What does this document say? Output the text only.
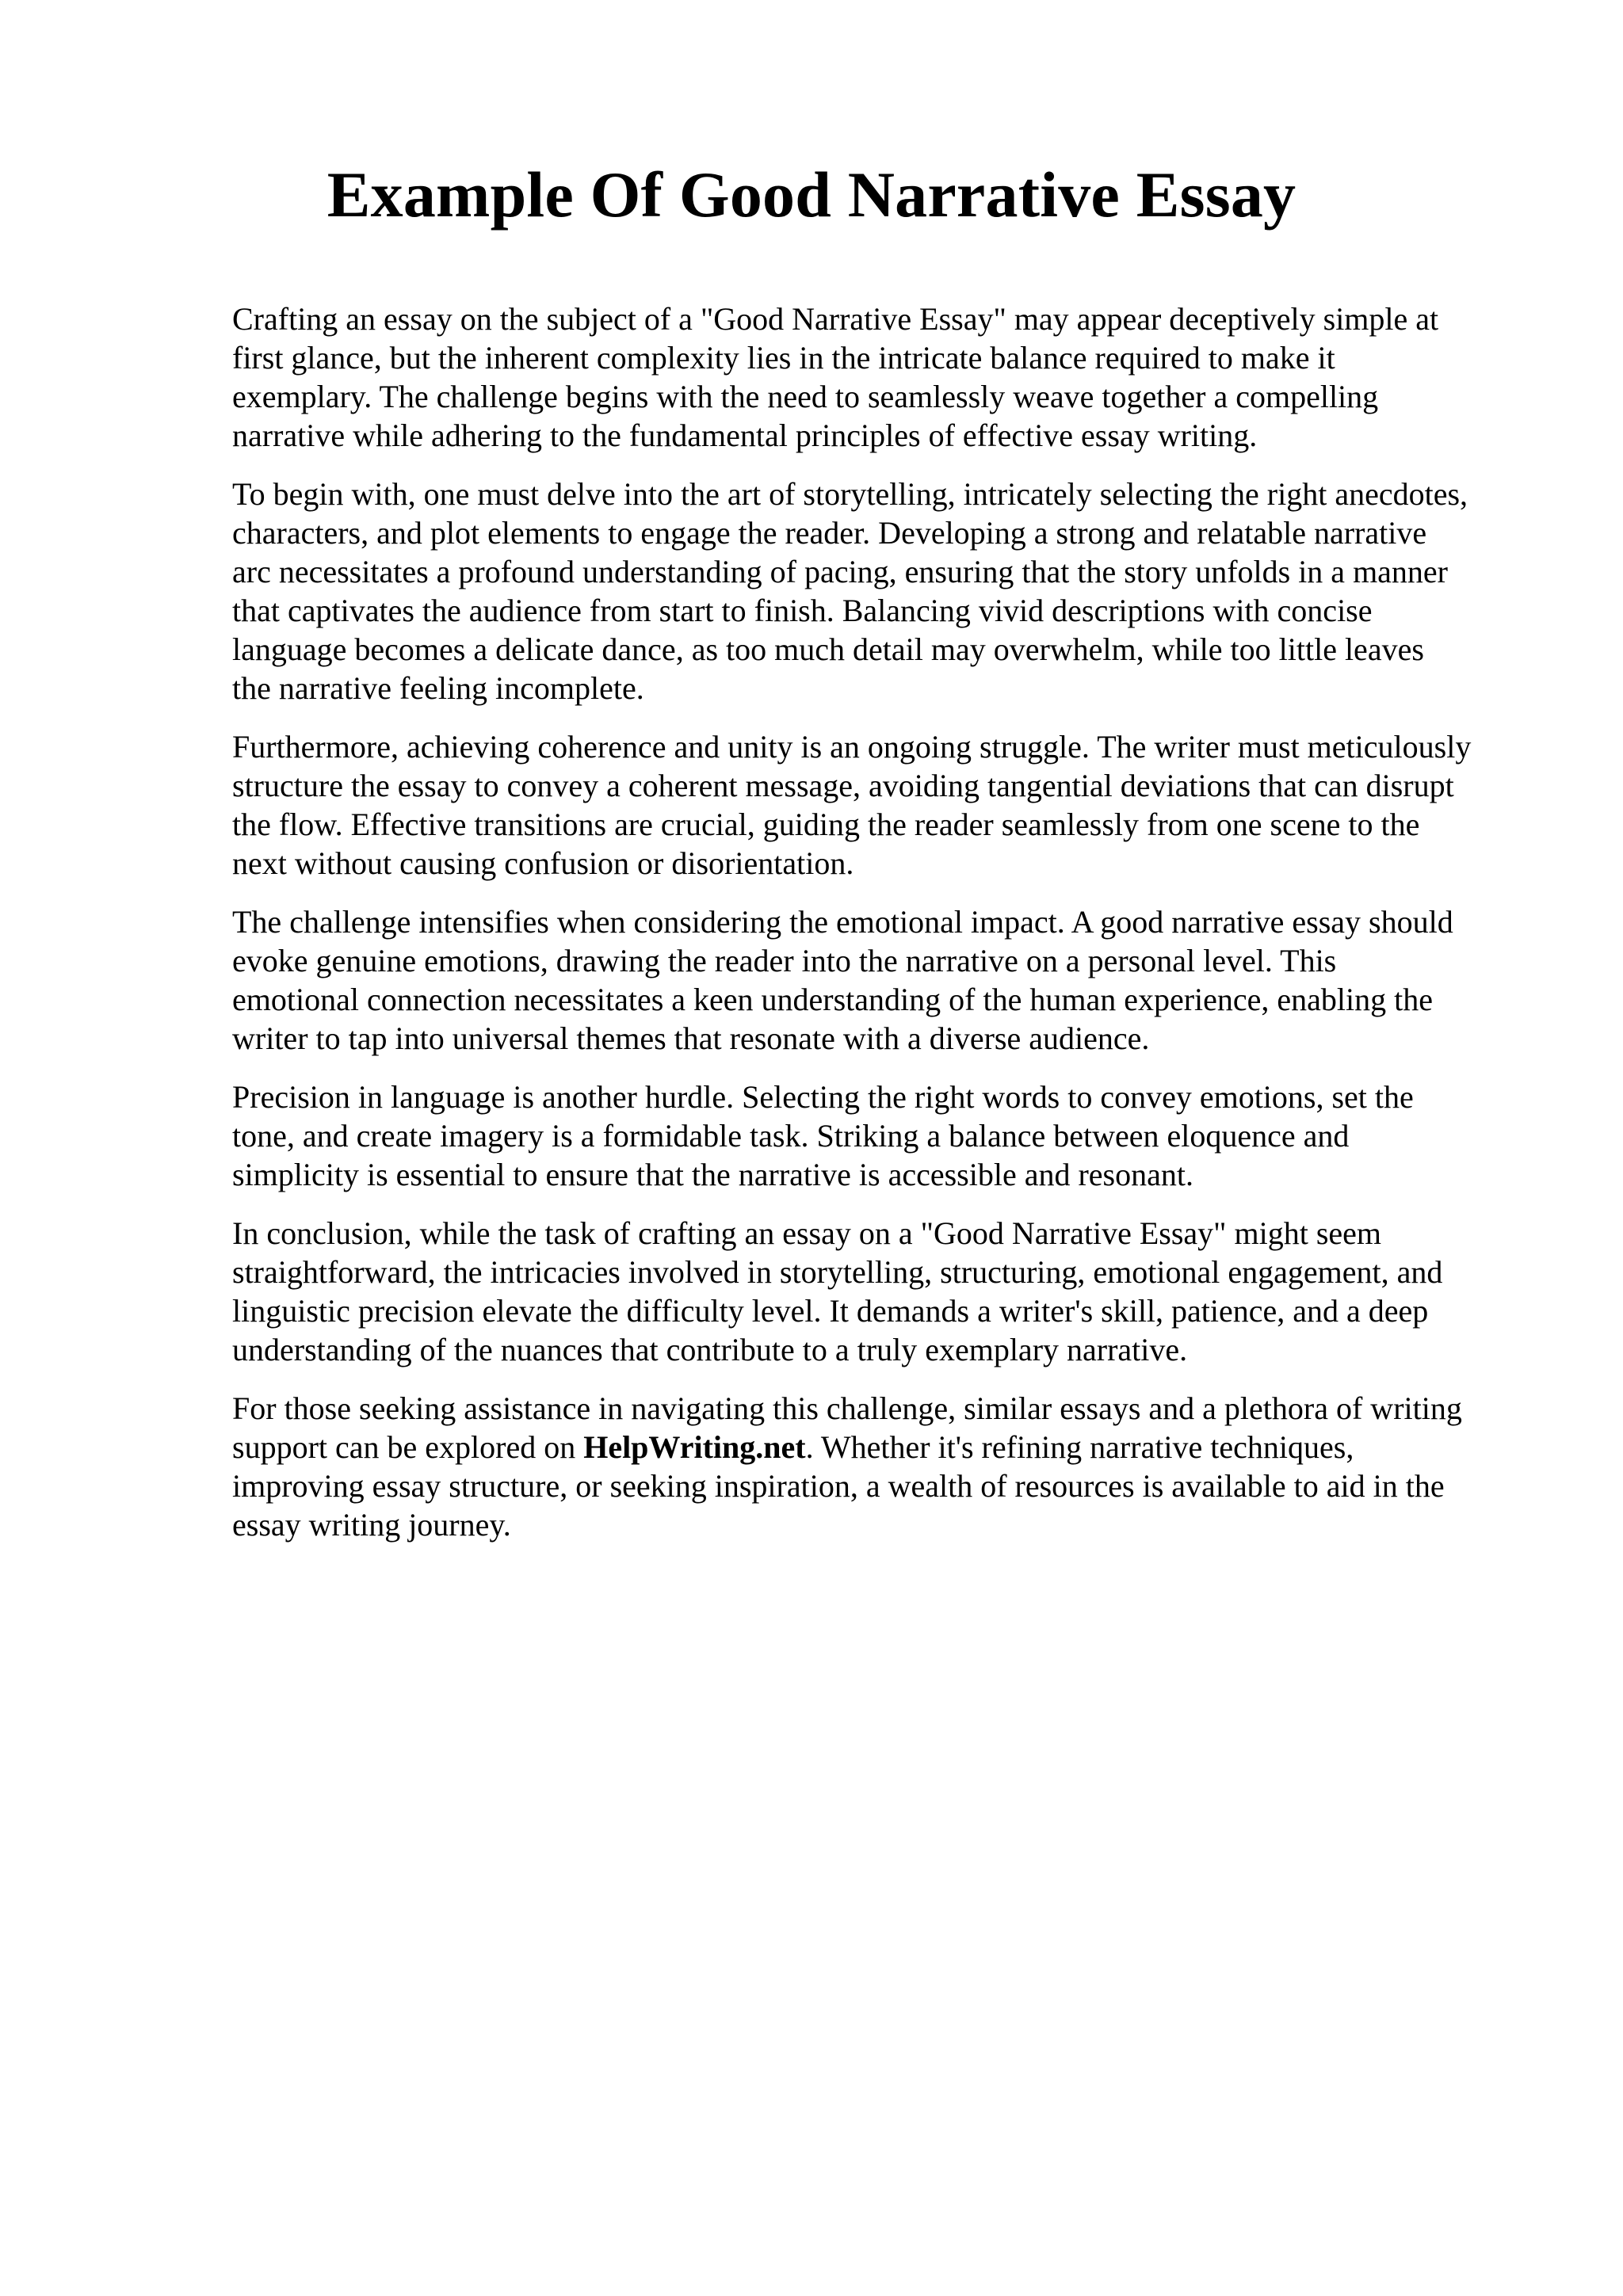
Example Of Good Narrative Essay

Crafting an essay on the subject of a "Good Narrative Essay" may appear deceptively simple at
first glance, but the inherent complexity lies in the intricate balance required to make it
exemplary. The challenge begins with the need to seamlessly weave together a compelling
narrative while adhering to the fundamental principles of effective essay writing.

To begin with, one must delve into the art of storytelling, intricately selecting the right anecdotes,
characters, and plot elements to engage the reader. Developing a strong and relatable narrative
arc necessitates a profound understanding of pacing, ensuring that the story unfolds in a manner
that captivates the audience from start to finish. Balancing vivid descriptions with concise
language becomes a delicate dance, as too much detail may overwhelm, while too little leaves
the narrative feeling incomplete.

Furthermore, achieving coherence and unity is an ongoing struggle. The writer must meticulously
structure the essay to convey a coherent message, avoiding tangential deviations that can disrupt
the flow. Effective transitions are crucial, guiding the reader seamlessly from one scene to the
next without causing confusion or disorientation.

The challenge intensifies when considering the emotional impact. A good narrative essay should
evoke genuine emotions, drawing the reader into the narrative on a personal level. This
emotional connection necessitates a keen understanding of the human experience, enabling the
writer to tap into universal themes that resonate with a diverse audience.

Precision in language is another hurdle. Selecting the right words to convey emotions, set the
tone, and create imagery is a formidable task. Striking a balance between eloquence and
simplicity is essential to ensure that the narrative is accessible and resonant.

In conclusion, while the task of crafting an essay on a "Good Narrative Essay" might seem
straightforward, the intricacies involved in storytelling, structuring, emotional engagement, and
linguistic precision elevate the difficulty level. It demands a writer's skill, patience, and a deep
understanding of the nuances that contribute to a truly exemplary narrative.

For those seeking assistance in navigating this challenge, similar essays and a plethora of writing
support can be explored on HelpWriting.net. Whether it's refining narrative techniques,
improving essay structure, or seeking inspiration, a wealth of resources is available to aid in the
essay writing journey.
